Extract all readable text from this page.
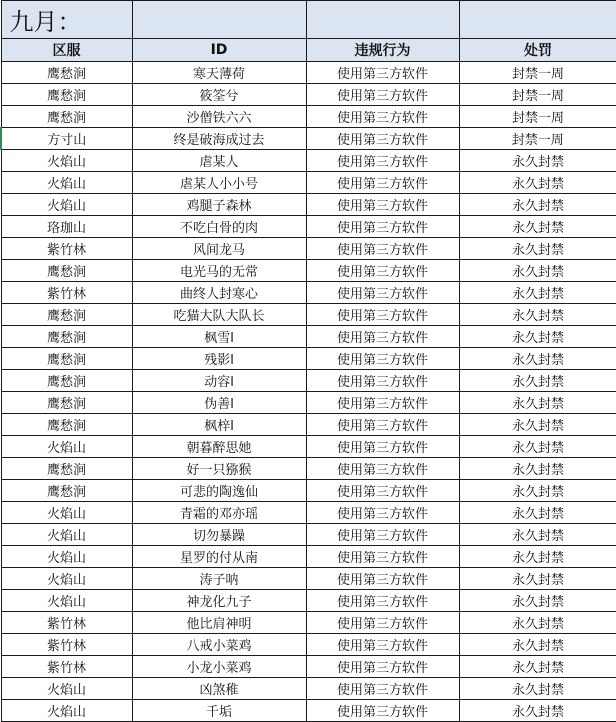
九月：			
区服	ID	违规行为	处罚
鹰愁涧	寒天薄荷	使用第三方软件	封禁一周
鹰愁涧	筱筌兮	使用第三方软件	封禁一周
鹰愁涧	沙僧铁六六	使用第三方软件	封禁一周
方寸山	终是破海成过去	使用第三方软件	封禁一周
火焰山	虐某人	使用第三方软件	永久封禁
火焰山	虐某人小小号	使用第三方软件	永久封禁
火焰山	鸡腿子森林	使用第三方软件	永久封禁
珞珈山	不吃白骨的肉	使用第三方软件	永久封禁
紫竹林	风间龙马	使用第三方软件	永久封禁
鹰愁涧	电光马的无常	使用第三方软件	永久封禁
紫竹林	曲终人封寒心	使用第三方软件	永久封禁
鹰愁涧	吃猫大队大队长	使用第三方软件	永久封禁
鹰愁涧	枫雪l	使用第三方软件	永久封禁
鹰愁涧	残影l	使用第三方软件	永久封禁
鹰愁涧	动容l	使用第三方软件	永久封禁
鹰愁涧	伪善l	使用第三方软件	永久封禁
鹰愁涧	枫梓l	使用第三方软件	永久封禁
火焰山	朝暮醉思她	使用第三方软件	永久封禁
鹰愁涧	好一只猕猴	使用第三方软件	永久封禁
鹰愁涧	可悲的陶逸仙	使用第三方软件	永久封禁
火焰山	青霜的邓亦瑶	使用第三方软件	永久封禁
火焰山	切勿暴躁	使用第三方软件	永久封禁
火焰山	星罗的付从南	使用第三方软件	永久封禁
火焰山	涛子呐	使用第三方软件	永久封禁
火焰山	神龙化九子	使用第三方软件	永久封禁
紫竹林	他比肩神明	使用第三方软件	永久封禁
紫竹林	八戒小菜鸡	使用第三方软件	永久封禁
紫竹林	小龙小菜鸡	使用第三方软件	永久封禁
火焰山	凶煞稚	使用第三方软件	永久封禁
火焰山	千垢	使用第三方软件	永久封禁
